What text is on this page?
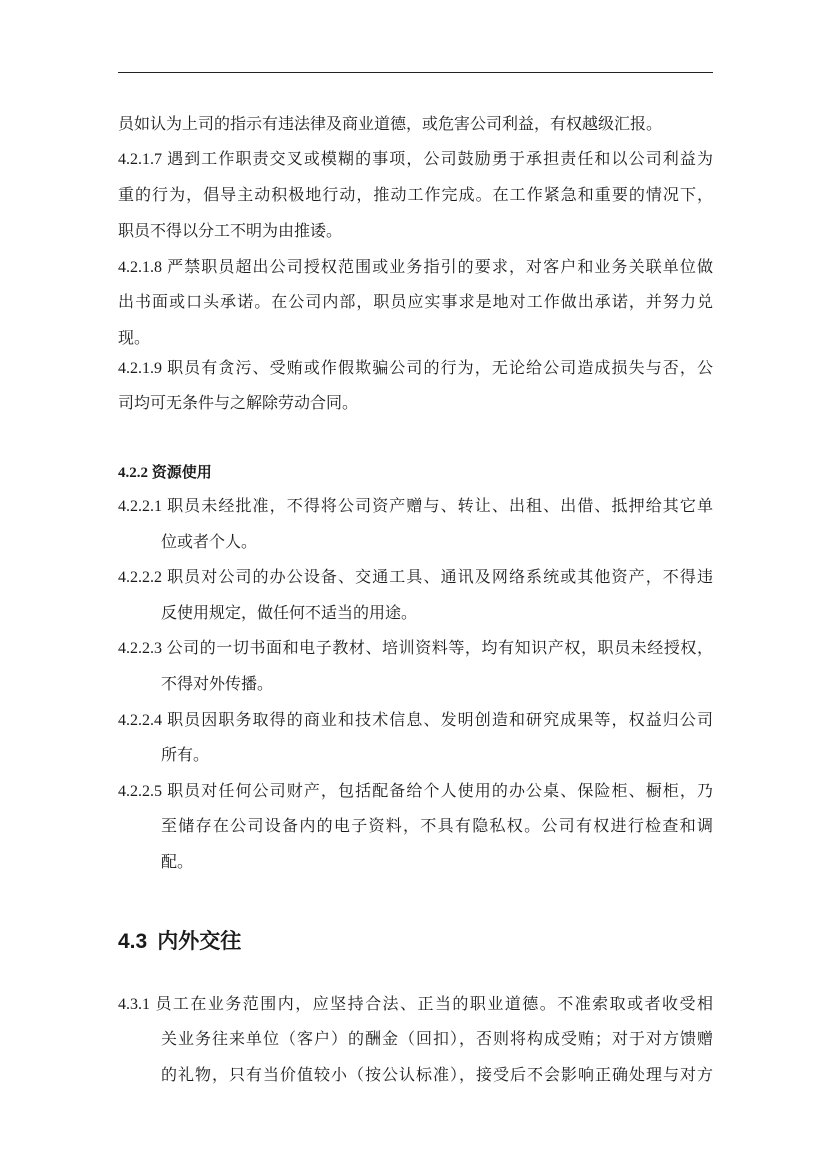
员如认为上司的指示有违法律及商业道德，或危害公司利益，有权越级汇报。
4.2.1.7 遇到工作职责交叉或模糊的事项，公司鼓励勇于承担责任和以公司利益为
重的行为，倡导主动积极地行动，推动工作完成。在工作紧急和重要的情况下，
职员不得以分工不明为由推诿。
4.2.1.8 严禁职员超出公司授权范围或业务指引的要求，对客户和业务关联单位做
出书面或口头承诺。在公司内部，职员应实事求是地对工作做出承诺，并努力兑
现。
4.2.1.9 职员有贪污、受贿或作假欺骗公司的行为，无论给公司造成损失与否，公
司均可无条件与之解除劳动合同。
4.2.2 资源使用
4.2.2.1 职员未经批准，不得将公司资产赠与、转让、出租、出借、抵押给其它单
位或者个人。
4.2.2.2 职员对公司的办公设备、交通工具、通讯及网络系统或其他资产，不得违
反使用规定，做任何不适当的用途。
4.2.2.3 公司的一切书面和电子教材、培训资料等，均有知识产权，职员未经授权，
不得对外传播。
4.2.2.4 职员因职务取得的商业和技术信息、发明创造和研究成果等，权益归公司
所有。
4.2.2.5 职员对任何公司财产，包括配备给个人使用的办公桌、保险柜、橱柜，乃
至储存在公司设备内的电子资料，不具有隐私权。公司有权进行检查和调
配。
4.3 内外交往
4.3.1 员工在业务范围内，应坚持合法、正当的职业道德。不准索取或者收受相
关业务往来单位（客户）的酬金（回扣），否则将构成受贿；对于对方馈赠
的礼物，只有当价值较小（按公认标准），接受后不会影响正确处理与对方
